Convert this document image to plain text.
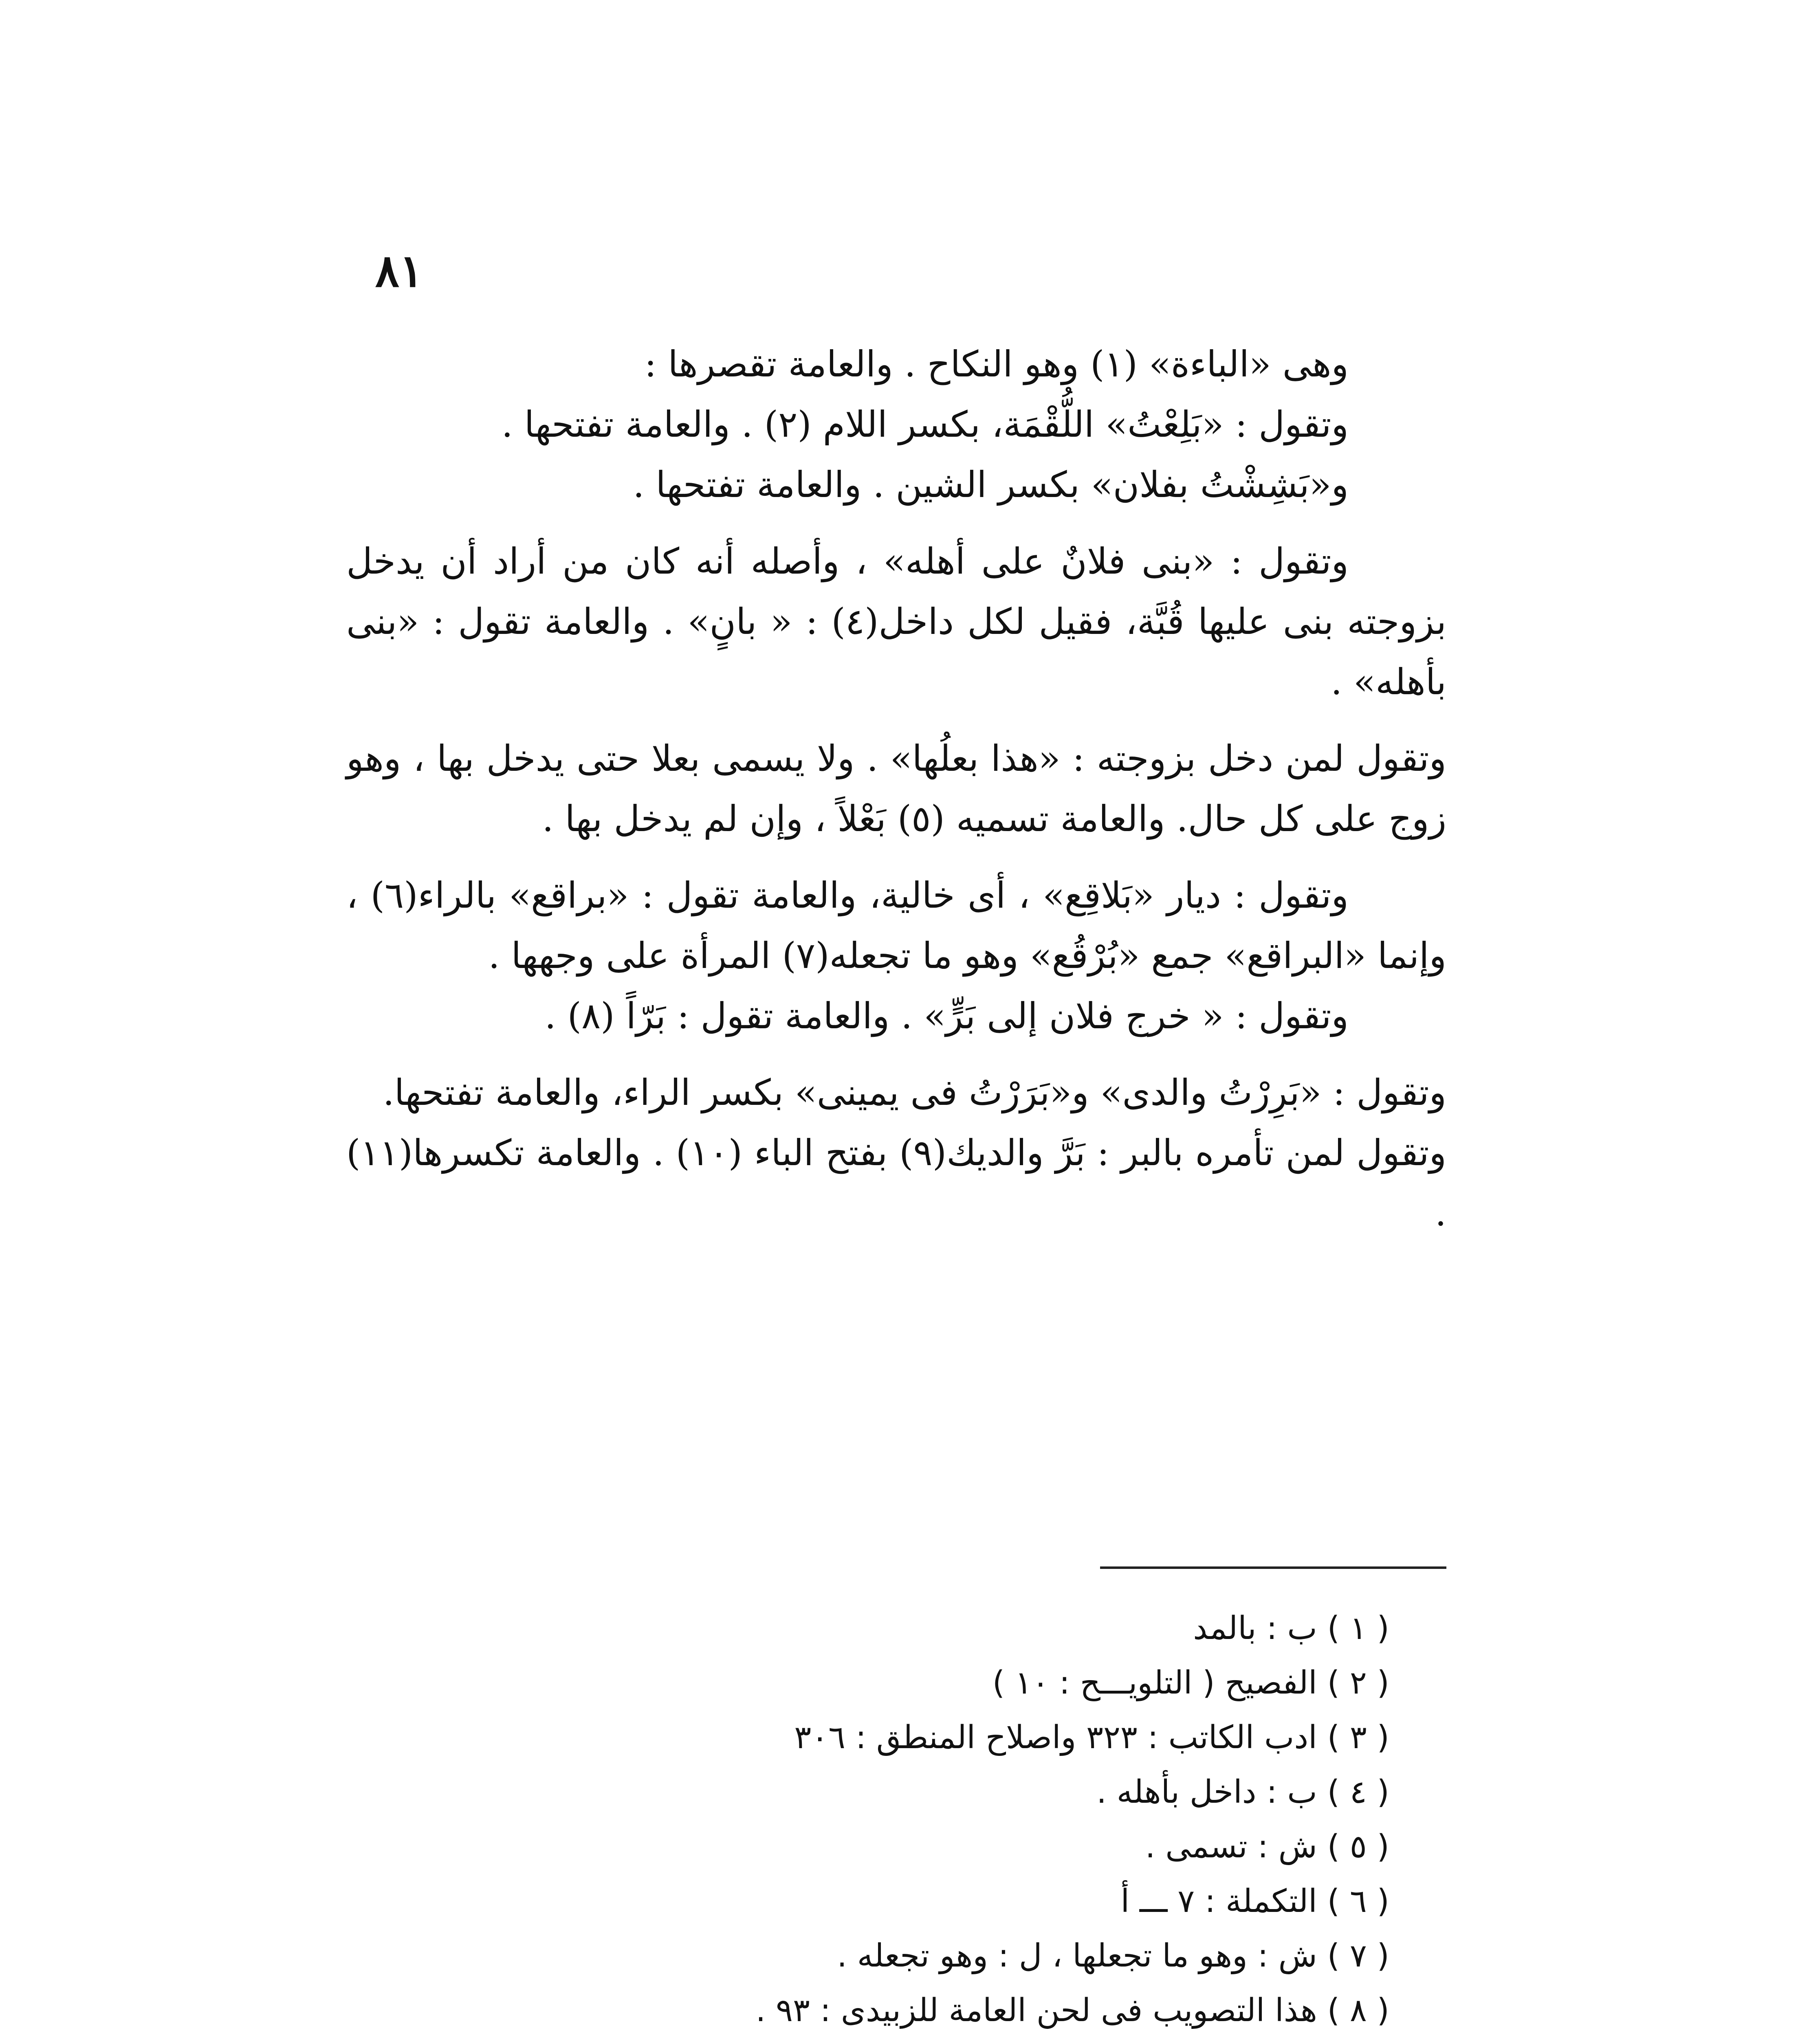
٨١

وهى «الباءة» (١) وهو النكاح . والعامة تقصرها :

وتقول : «بَلِعْتُ» اللُّقْمَة، بكسر اللام (٢) . والعامة تفتحها .

و«بَشِشْتُ بفلان» بكسر الشين . والعامة تفتحها .

وتقول : «بنى فلانٌ على أهله» ، وأصله أنه كان من أراد أن يدخل بزوجته بنى عليها قُبَّة، فقيل لكل داخل(٤) : « بانٍ» . والعامة تقول : «بنى بأهله» .

وتقول لمن دخل بزوجته : «هذا بعلُها» . ولا يسمى بعلا حتى يدخل بها ، وهو زوج على كل حال. والعامة تسميه (٥) بَعْلاً ، وإن لم يدخل بها .

وتقول : ديار «بَلاقِع» ، أى خالية، والعامة تقول : «براقع» بالراء(٦) ، وإنما «البراقع» جمع «بُرْقُع» وهو ما تجعله(٧) المرأة على وجهها .

وتقول : « خرج فلان إلى بَرٍّ» . والعامة تقول : بَرّاً (٨) .

وتقول : «بَرِرْتُ والدى» و«بَرَرْتُ فى يمينى» بكسر الراء، والعامة تفتحها.

وتقول لمن تأمره بالبر : بَرَّ والديك(٩) بفتح الباء (١٠) . والعامة تكسرها(١١) .

( ١ ) ب : بالمد

( ٢ ) الفصيح ( التلويـــح : ١٠ )

( ٣ ) ادب الكاتب : ٣٢٣ واصلاح المنطق : ٣٠٦

( ٤ ) ب : داخل بأهله .

( ٥ ) ش : تسمى .

( ٦ ) التكملة : ٧ ـــ أ

( ٧ ) ش : وهو ما تجعلها ، ل : وهو تجعله .

( ٨ ) هذا التصويب فى لحن العامة للزبيدى : ٩٣ .
